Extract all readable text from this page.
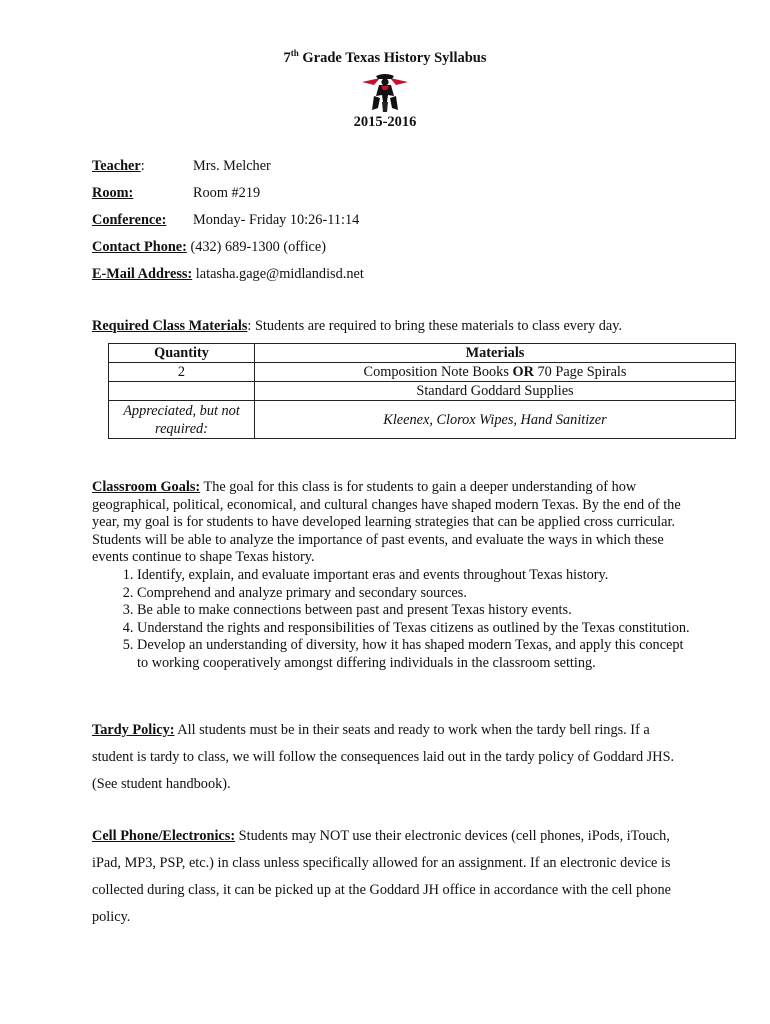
7th Grade Texas History Syllabus
2015-2016
Teacher:	Mrs. Melcher
Room:	Room #219
Conference: Monday- Friday 10:26-11:14
Contact Phone: (432) 689-1300 (office)
E-Mail Address: latasha.gage@midlandisd.net
Required Class Materials: Students are required to bring these materials to class every day.
Quantity	Materials
2	Composition Note Books OR 70 Page Spirals
	Standard Goddard Supplies
Appreciated, but not required:	Kleenex, Clorox Wipes, Hand Sanitizer
Classroom Goals: The goal for this class is for students to gain a deeper understanding of how geographical, political, economical, and cultural changes have shaped modern Texas. By the end of the year, my goal is for students to have developed learning strategies that can be applied cross curricular. Students will be able to analyze the importance of past events, and evaluate the ways in which these events continue to shape Texas history.
1. Identify, explain, and evaluate important eras and events throughout Texas history.
2. Comprehend and analyze primary and secondary sources.
3. Be able to make connections between past and present Texas history events.
4. Understand the rights and responsibilities of Texas citizens as outlined by the Texas constitution.
5. Develop an understanding of diversity, how it has shaped modern Texas, and apply this concept to working cooperatively amongst differing individuals in the classroom setting.
Tardy Policy: All students must be in their seats and ready to work when the tardy bell rings. If a student is tardy to class, we will follow the consequences laid out in the tardy policy of Goddard JHS. (See student handbook).
Cell Phone/Electronics: Students may NOT use their electronic devices (cell phones, iPods, iTouch, iPad, MP3, PSP, etc.) in class unless specifically allowed for an assignment. If an electronic device is collected during class, it can be picked up at the Goddard JH office in accordance with the cell phone policy.
